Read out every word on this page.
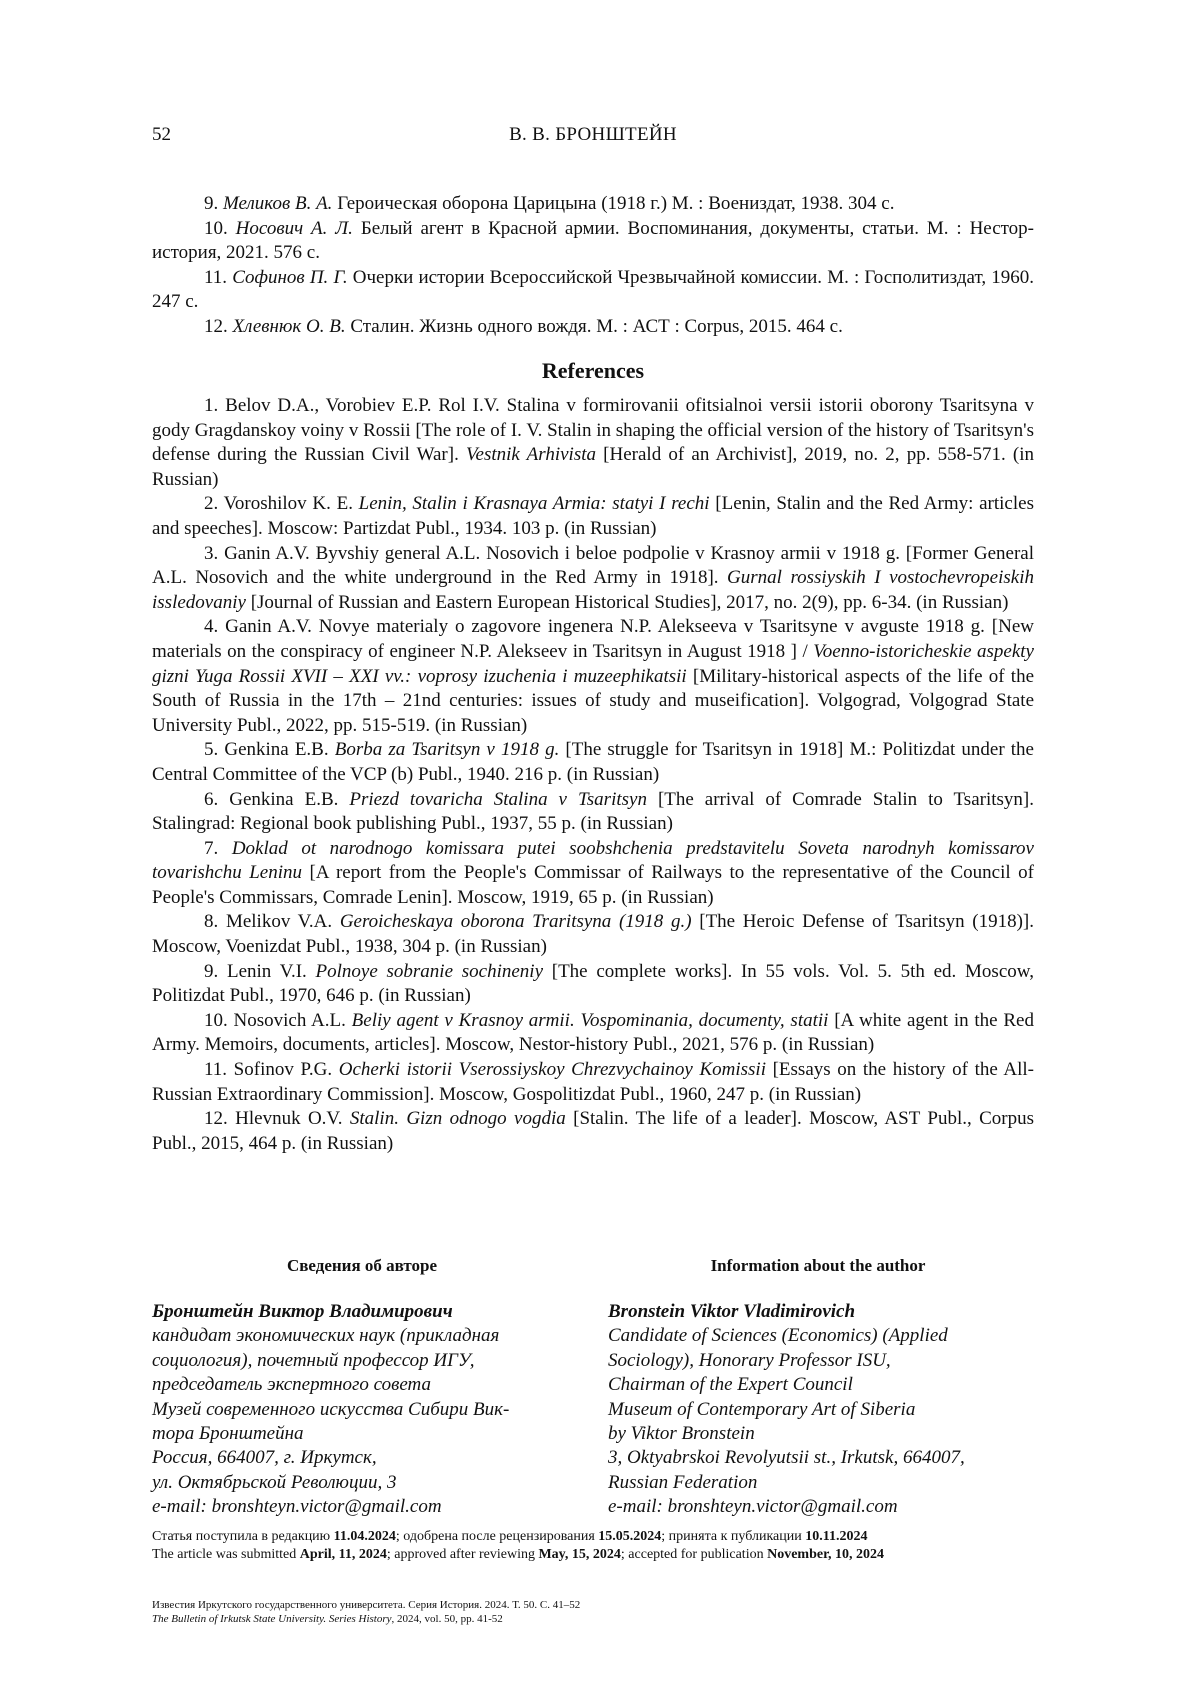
52	В. В. БРОНШТЕЙН

9. Меликов В. А. Героическая оборона Царицына (1918 г.) М. : Воениздат, 1938. 304 с.

10. Носович А. Л. Белый агент в Красной армии. Воспоминания, документы, статьи. М. : Нестор-история, 2021. 576 с.

11. Софинов П. Г. Очерки истории Всероссийской Чрезвычайной комиссии. М. : Госполитиздат, 1960. 247 с.

12. Хлевнюк О. В. Сталин. Жизнь одного вождя. М. : АСТ : Corpus, 2015. 464 с.

References

1. Belov D.A., Vorobiev E.P. Rol I.V. Stalina v formirovanii ofitsialnoi versii istorii oborony Tsaritsyna v gody Gragdanskoy voiny v Rossii [The role of I. V. Stalin in shaping the official version of the history of Tsaritsyn's defense during the Russian Civil War]. Vestnik Arhivista [Herald of an Archivist], 2019, no. 2, pp. 558-571. (in Russian)

2. Voroshilov K. E. Lenin, Stalin i Krasnaya Armia: statyi I rechi [Lenin, Stalin and the Red Army: articles and speeches]. Moscow: Partizdat Publ., 1934. 103 p. (in Russian)

3. Ganin A.V. Byvshiy general A.L. Nosovich i beloe podpolie v Krasnoy armii v 1918 g. [Former General A.L. Nosovich and the white underground in the Red Army in 1918]. Gurnal rossiyskih I vostochevropeiskih issledovaniy [Journal of Russian and Eastern European Historical Studies], 2017, no. 2(9), pp. 6-34. (in Russian)

4. Ganin A.V. Novye materialy o zagovore ingenera N.P. Alekseeva v Tsaritsyne v avguste 1918 g. [New materials on the conspiracy of engineer N.P. Alekseev in Tsaritsyn in August 1918 ] / Voenno-istoricheskie aspekty gizni Yuga Rossii XVII – XXI vv.: voprosy izuchenia i muzeephikatsii [Military-historical aspects of the life of the South of Russia in the 17th – 21nd centuries: issues of study and museification]. Volgograd, Volgograd State University Publ., 2022, pp. 515-519. (in Russian)

5. Genkina E.B. Borba za Tsaritsyn v 1918 g. [The struggle for Tsaritsyn in 1918] M.: Politizdat under the Central Committee of the VCP (b) Publ., 1940. 216 p. (in Russian)

6. Genkina E.B. Priezd tovaricha Stalina v Tsaritsyn [The arrival of Comrade Stalin to Tsaritsyn]. Stalingrad: Regional book publishing Publ., 1937, 55 p. (in Russian)

7. Doklad ot narodnogo komissara putei soobshchenia predstavitelu Soveta narodnyh komissarov tovarishchu Leninu [A report from the People's Commissar of Railways to the representative of the Council of People's Commissars, Comrade Lenin]. Moscow, 1919, 65 p. (in Russian)

8. Melikov V.A. Geroicheskaya oborona Traritsyna (1918 g.) [The Heroic Defense of Tsaritsyn (1918)]. Moscow, Voenizdat Publ., 1938, 304 p. (in Russian)

9. Lenin V.I. Polnoye sobranie sochineniy [The complete works]. In 55 vols. Vol. 5. 5th ed. Moscow, Politizdat Publ., 1970, 646 p. (in Russian)

10. Nosovich A.L. Beliy agent v Krasnoy armii. Vospominania, documenty, statii [A white agent in the Red Army. Memoirs, documents, articles]. Moscow, Nestor-history Publ., 2021, 576 p. (in Russian)

11. Sofinov P.G. Ocherki istorii Vserossiyskoy Chrezvychainoy Komissii [Essays on the history of the All-Russian Extraordinary Commission]. Moscow, Gospolitizdat Publ., 1960, 247 p. (in Russian)

12. Hlevnuk O.V. Stalin. Gizn odnogo vogdia [Stalin. The life of a leader]. Moscow, AST Publ., Corpus Publ., 2015, 464 p. (in Russian)

Сведения об авторе
Бронштейн Виктор Владимирович
кандидат экономических наук (прикладная
социология), почетный профессор ИГУ,
председатель экспертного совета
Музей современного искусства Сибири Вик-
тора Бронштейна
Россия, 664007, г. Иркутск,
ул. Октябрьской Революции, 3
e-mail: bronshteyn.victor@gmail.com
Information about the author
Bronstein Viktor Vladimirovich
Candidate of Sciences (Economics) (Applied
Sociology), Honorary Professor ISU,
Chairman of the Expert Council
Museum of Contemporary Art of Siberia
by Viktor Bronstein
3, Oktyabrskoi Revolyutsii st., Irkutsk, 664007,
Russian Federation
e-mail: bronshteyn.victor@gmail.com
Статья поступила в редакцию 11.04.2024; одобрена после рецензирования 15.05.2024; принята к публикации 10.11.2024
The article was submitted April, 11, 2024; approved after reviewing May, 15, 2024; accepted for publication November, 10, 2024
Известия Иркутского государственного университета. Серия История. 2024. Т. 50. С. 41–52
The Bulletin of Irkutsk State University. Series History, 2024, vol. 50, pp. 41-52
